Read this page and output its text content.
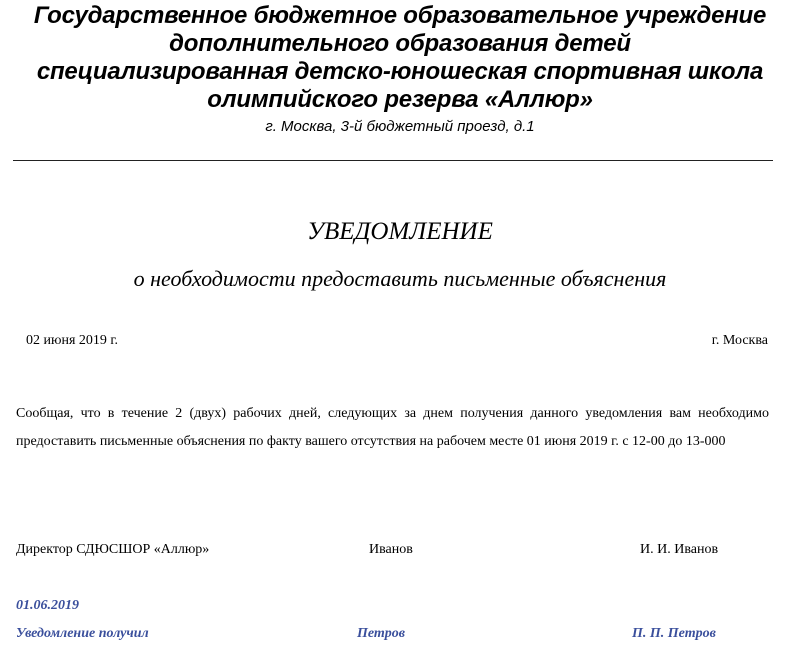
Государственное бюджетное образовательное учреждение
дополнительного образования детей
специализированная детско-юношеская спортивная школа
олимпийского резерва «Аллюр»
г. Москва, 3-й бюджетный проезд, д.1
УВЕДОМЛЕНИЕ
о необходимости предоставить письменные объяснения
02 июня 2019 г.	г. Москва
Сообщая, что в течение 2 (двух) рабочих дней, следующих за днем получения данного уведомления вам необходимо предоставить письменные объяснения по факту вашего отсутствия на рабочем месте 01 июня 2019 г. с 12-00 до 13-000
Директор СДЮСШОР «Аллюр»	Иванов	И. И. Иванов
01.06.2019
Уведомление получил	Петров	П. П. Петров
